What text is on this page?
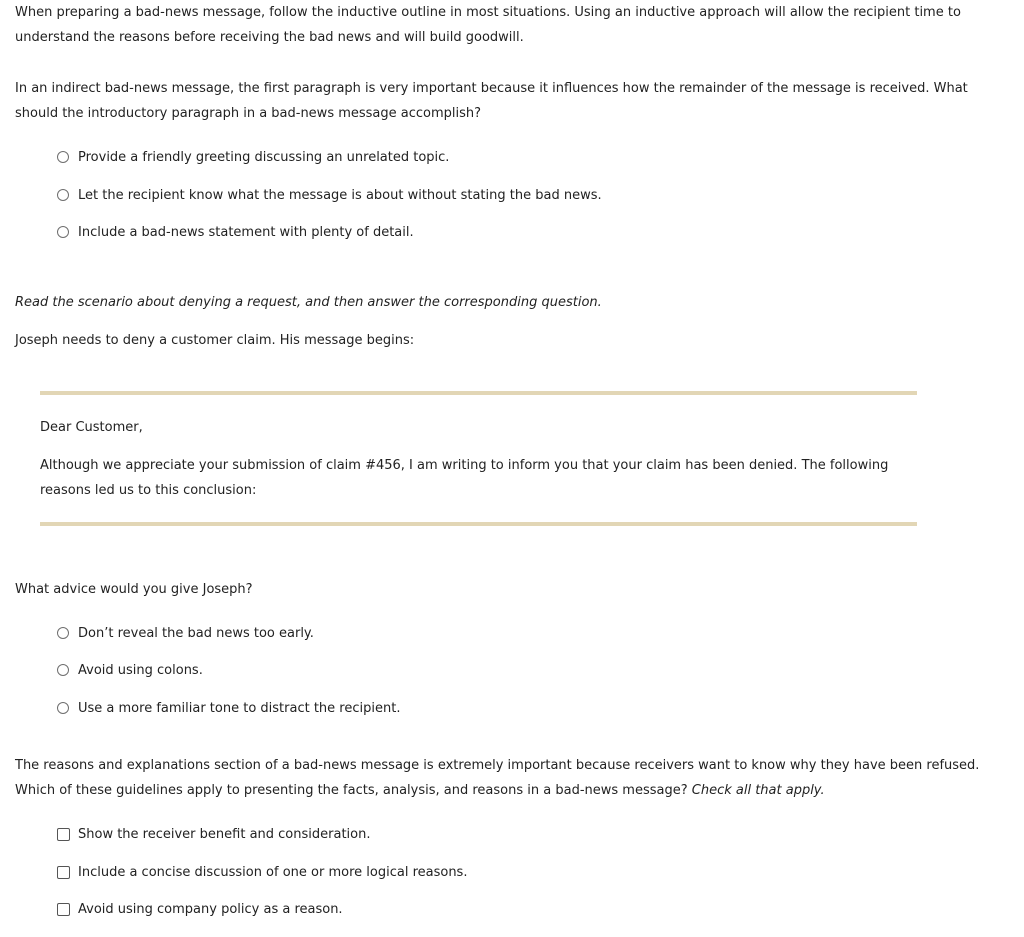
When preparing a bad-news message, follow the inductive outline in most situations. Using an inductive approach will allow the recipient time to
understand the reasons before receiving the bad news and will build goodwill.

In an indirect bad-news message, the first paragraph is very important because it influences how the remainder of the message is received. What
should the introductory paragraph in a bad-news message accomplish?

Provide a friendly greeting discussing an unrelated topic.
Let the recipient know what the message is about without stating the bad news.
Include a bad-news statement with plenty of detail.

Read the scenario about denying a request, and then answer the corresponding question.

Joseph needs to deny a customer claim. His message begins:

Dear Customer,

Although we appreciate your submission of claim #456, I am writing to inform you that your claim has been denied. The following
reasons led us to this conclusion:

What advice would you give Joseph?

Don’t reveal the bad news too early.
Avoid using colons.
Use a more familiar tone to distract the recipient.

The reasons and explanations section of a bad-news message is extremely important because receivers want to know why they have been refused.
Which of these guidelines apply to presenting the facts, analysis, and reasons in a bad-news message? Check all that apply.

Show the receiver benefit and consideration.
Include a concise discussion of one or more logical reasons.
Avoid using company policy as a reason.
